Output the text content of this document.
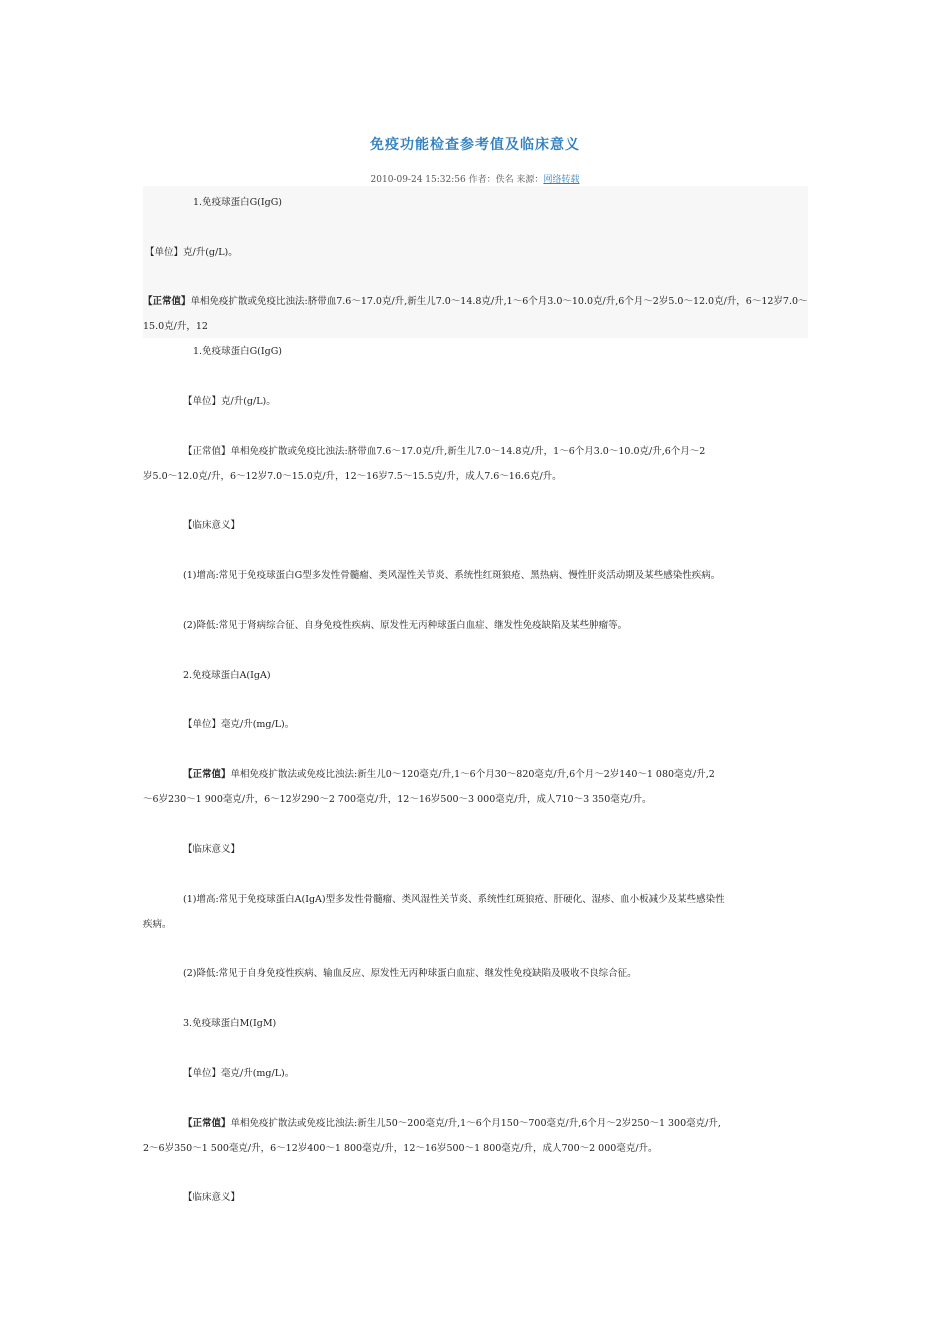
免疫功能检查参考值及临床意义
2010-09-24 15:32:56 作者：佚名 来源：网络转载
1.免疫球蛋白G(IgG)
【单位】克/升(g/L)。
【正常值】单相免疫扩散或免疫比浊法:脐带血7.6～17.0克/升,新生儿7.0～14.8克/升,1～6个月3.0～10.0克/升,6个月～2岁5.0～12.0克/升，6～12岁7.0～15.0克/升，12
1.免疫球蛋白G(IgG)
【单位】克/升(g/L)。
【正常值】单相免疫扩散或免疫比浊法:脐带血7.6～17.0克/升,新生儿7.0～14.8克/升，1～6个月3.0～10.0克/升,6个月～2
岁5.0～12.0克/升，6～12岁7.0～15.0克/升，12～16岁7.5～15.5克/升，成人7.6～16.6克/升。
【临床意义】
(1)增高:常见于免疫球蛋白G型多发性骨髓瘤、类风湿性关节炎、系统性红斑狼疮、黑热病、慢性肝炎活动期及某些感染性疾病。
(2)降低:常见于肾病综合征、自身免疫性疾病、原发性无丙种球蛋白血症、继发性免疫缺陷及某些肿瘤等。
2.免疫球蛋白A(IgA)
【单位】毫克/升(mg/L)。
【正常值】单相免疫扩散法或免疫比浊法:新生儿0～120毫克/升,1～6个月30～820毫克/升,6个月～2岁140～1 080毫克/升,2
～6岁230～1 900毫克/升，6～12岁290～2 700毫克/升，12～16岁500～3 000毫克/升，成人710～3 350毫克/升。
【临床意义】
(1)增高:常见于免疫球蛋白A(IgA)型多发性骨髓瘤、类风湿性关节炎、系统性红斑狼疮、肝硬化、湿疹、血小板减少及某些感染性
疾病。
(2)降低:常见于自身免疫性疾病、输血反应、原发性无丙种球蛋白血症、继发性免疫缺陷及吸收不良综合征。
3.免疫球蛋白M(IgM)
【单位】毫克/升(mg/L)。
【正常值】单相免疫扩散法或免疫比浊法:新生儿50～200毫克/升,1～6个月150～700毫克/升,6个月～2岁250～1 300毫克/升,
2～6岁350～1 500毫克/升，6～12岁400～1 800毫克/升，12～16岁500～1 800毫克/升，成人700～2 000毫克/升。
【临床意义】
